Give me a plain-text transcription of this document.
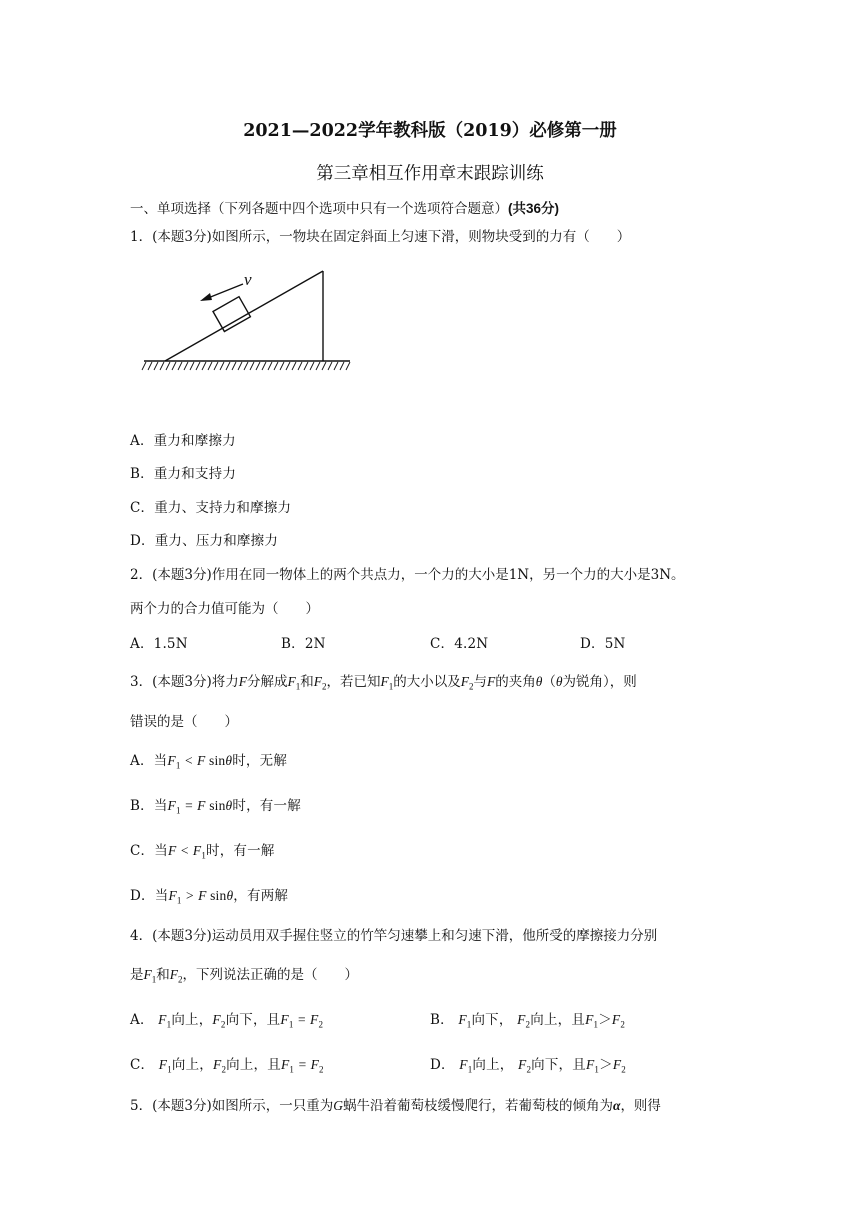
2021—2022学年教科版（2019）必修第一册
第三章相互作用章末跟踪训练
一、单项选择（下列各题中四个选项中只有一个选项符合题意）(共36分)
1．(本题3分)如图所示，一物块在固定斜面上匀速下滑，则物块受到的力有（　　）
v
A．重力和摩擦力
B．重力和支持力
C．重力、支持力和摩擦力
D．重力、压力和摩擦力
2．(本题3分)作用在同一物体上的两个共点力，一个力的大小是1N，另一个力的大小是3N。
两个力的合力值可能为（　　）
A．1.5N	B．2N	C．4.2N	D．5N
3．(本题3分)将力F分解成$F_1$和$F_2$，若已知$F_1$的大小以及$F_2$与F的夹角θ（θ为锐角），则
错误的是（　　）
A．当$F_1 < F$ sinθ时，无解
B．当$F_1 = F$ sinθ时，有一解
C．当$F < F_1$时，有一解
D．当$F_1 > F$ sinθ，有两解
4．(本题3分)运动员用双手握住竖立的竹竿匀速攀上和匀速下滑，他所受的摩擦接力分别
是$F_1$和$F_2$，下列说法正确的是（　　）
A． $F_1$向上，$F_2$向下，且$F_1 = F_2$	B． $F_1$向下， $F_2$向上，且$F_1>F_2$
C． $F_1$向上，$F_2$向上，且$F_1 = F_2$	D． $F_1$向上， $F_2$向下，且$F_1>F_2$
5．(本题3分)如图所示，一只重为G蜗牛沿着葡萄枝缓慢爬行，若葡萄枝的倾角为α，则得
